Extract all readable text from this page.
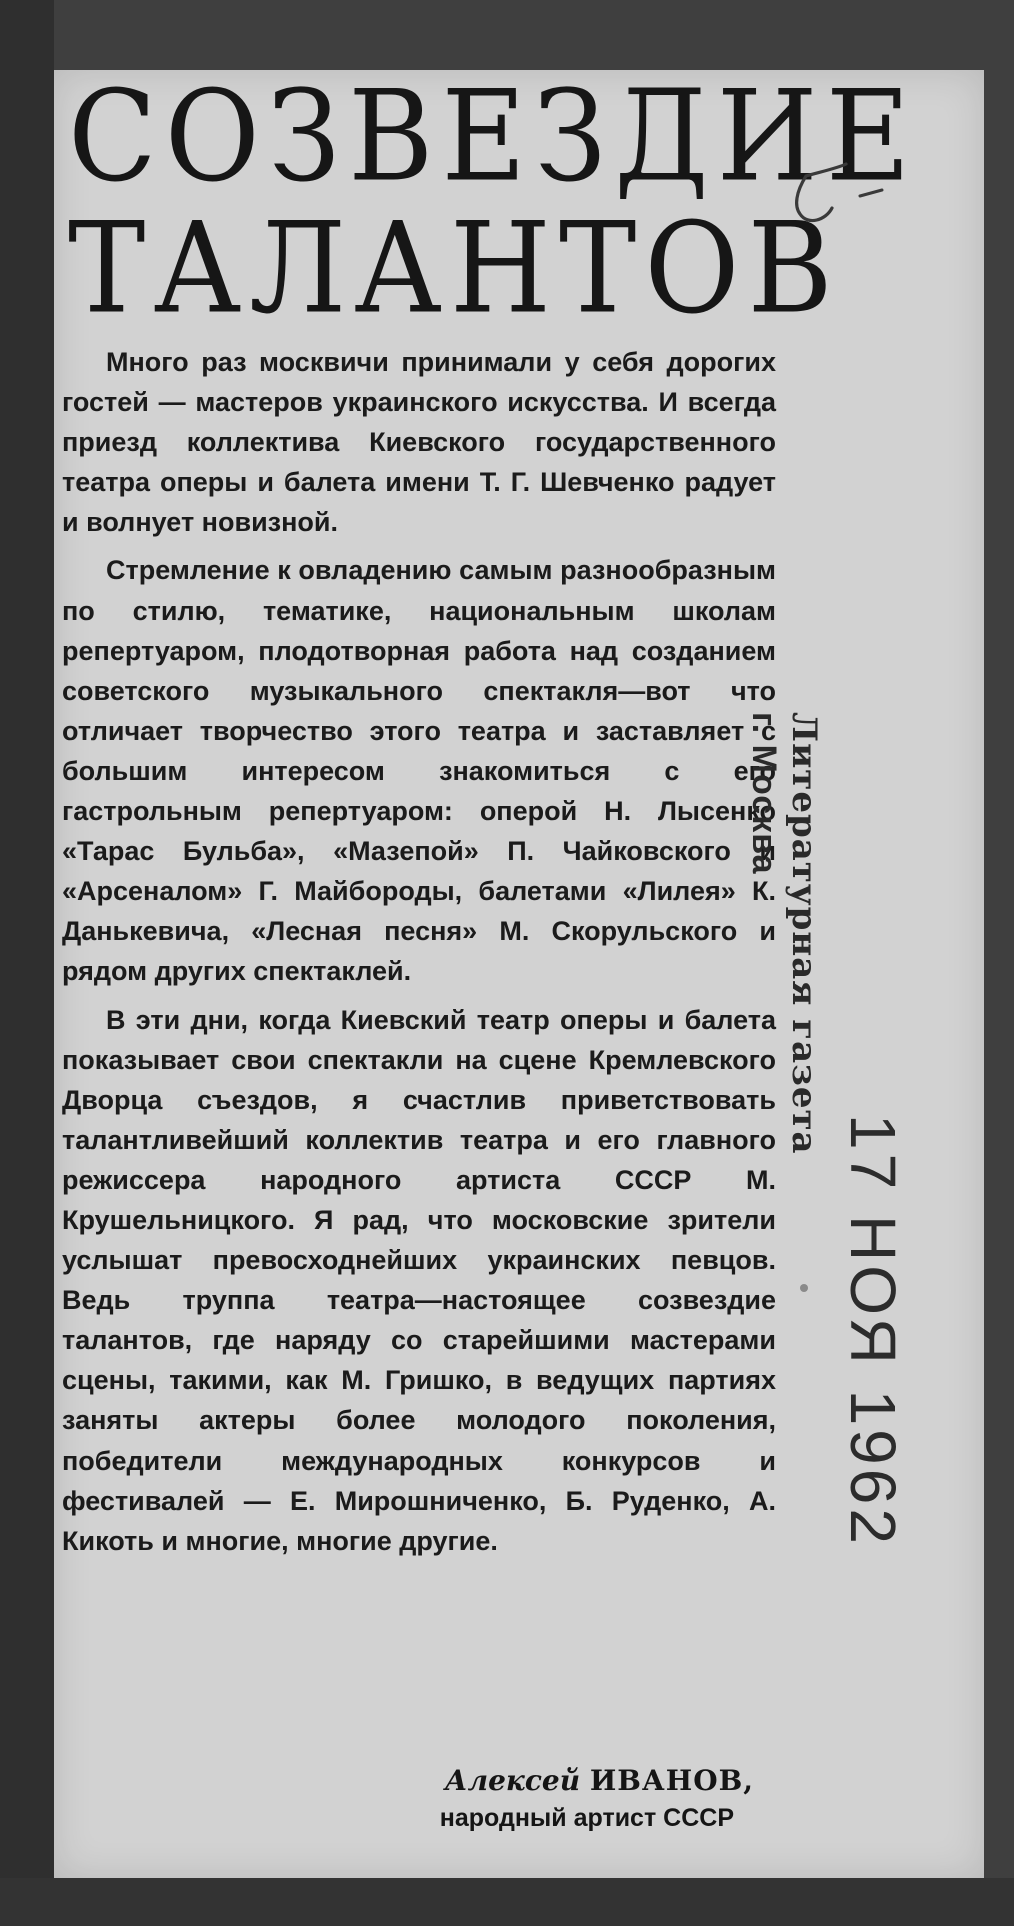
СОЗВЕЗДИЕ
ТАЛАНТОВ

Много раз москвичи принимали у себя дорогих гостей — мастеров украинского искусства. И всегда приезд коллектива Киевского государственного театра оперы и балета имени Т. Г. Шевченко радует и волнует новизной.

Стремление к овладению самым разнообразным по стилю, тематике, национальным школам репертуаром, плодотворная работа над созданием советского музыкального спектакля—вот что отличает творчество этого театра и заставляет с большим интересом знакомиться с его гастрольным репертуаром: оперой Н. Лысенко «Тарас Бульба», «Мазепой» П. Чайковского и «Арсеналом» Г. Майбороды, балетами «Лилея» К. Данькевича, «Лесная песня» М. Скорульского и рядом других спектаклей.

В эти дни, когда Киевский театр оперы и балета показывает свои спектакли на сцене Кремлевского Дворца съездов, я счастлив приветствовать талантливейший коллектив театра и его главного режиссера народного артиста СССР М. Крушельницкого. Я рад, что московские зрители услышат превосходнейших украинских певцов. Ведь труппа театра—настоящее созвездие талантов, где наряду со старейшими мастерами сцены, такими, как М. Гришко, в ведущих партиях заняты актеры более молодого поколения, победители международных конкурсов и фестивалей — Е. Мирошниченко, Б. Руденко, А. Кикоть и многие, многие другие.

Алексей ИВАНОВ,
народный артист СССР
Литературная газета
г. Москва
17 НОЯ 1962
